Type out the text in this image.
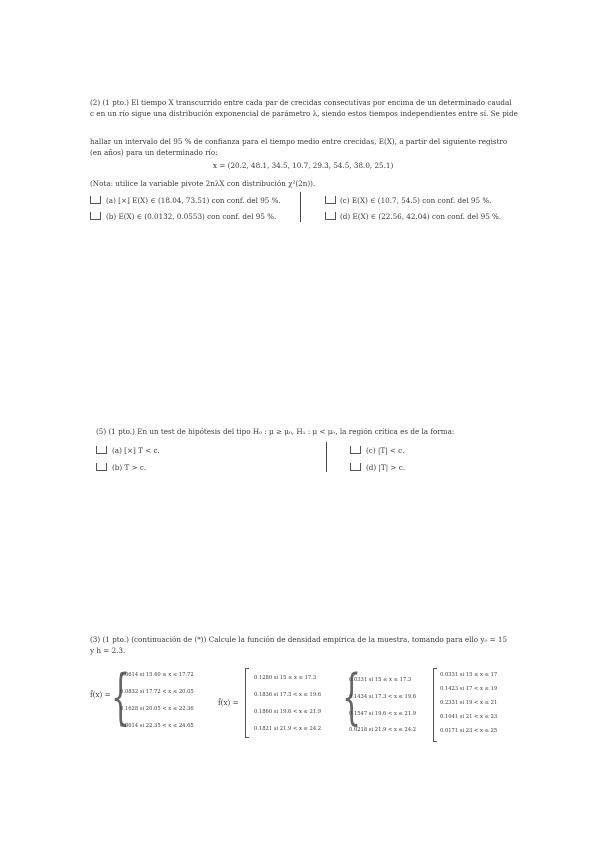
(2) (1 pto.) El tiempo X transcurrido entre cada par de crecidas consecutivas por encima de un determinado caudal
c en un río sigue una distribución exponencial de parámetro λ, siendo estos tiempos independientes entre sí. Se pide
hallar un intervalo del 95 % de confianza para el tiempo medio entre crecidas, E(X), a partir del siguiente registro
(en años) para un determinado río:
x = (20.2, 48.1, 34.5, 10.7, 29.3, 54.5, 38.0, 25.1)
(Nota: utilice la variable pivote 2nλX con distribución χ²(2n)).
(a) [×] E(X) ∈ (18.04, 73.51) con conf. del 95 %.
(b) E(X) ∈ (0.0132, 0.0553) con conf. del 95 %.
(c) E(X) ∈ (10.7, 54.5) con conf. del 95 %.
(d) E(X) ∈ (22.56, 42.04) con conf. del 95 %.
(5) (1 pto.) En un test de hipótesis del tipo H₀ : μ ≥ μ₀, H₁ : μ < μ₀, la región crítica es de la forma:
(a) [×] T < c.
(b) T > c.
(c) |T| < c.
(d) |T| > c.
(3) (1 pto.) (continuación de (*)) Calcule la función de densidad empírica de la muestra, tomando para ello y₀ = 15
y h = 2.3.
f̂(x) = {
0.0614 si 15.40 ≤ x ≤ 17.72
0.0832 si 17.72 < x ≤ 20.05
0.1628 si 20.05 < x ≤ 22.36
0.0614 si 22.35 < x ≤ 24.65
f̂(x) =
0.1280 si 15 ≤ x ≤ 17.3
0.1836 si 17.3 < x ≤ 19.6
0.1860 si 19.6 < x ≤ 21.9
0.1821 si 21.9 < x ≤ 24.2 {
0.0331 si 15 ≤ x ≤ 17.3
0.1434 si 17.3 < x ≤ 19.6
0.1547 si 19.6 < x ≤ 21.9
0.0218 si 21.9 < x ≤ 24.2
0.0331 si 15 ≤ x ≤ 17
0.1423 si 17 < x ≤ 19
0.2331 si 19 < x ≤ 21
0.1041 si 21 < x ≤ 23
0.0171 si 23 < x ≤ 25
